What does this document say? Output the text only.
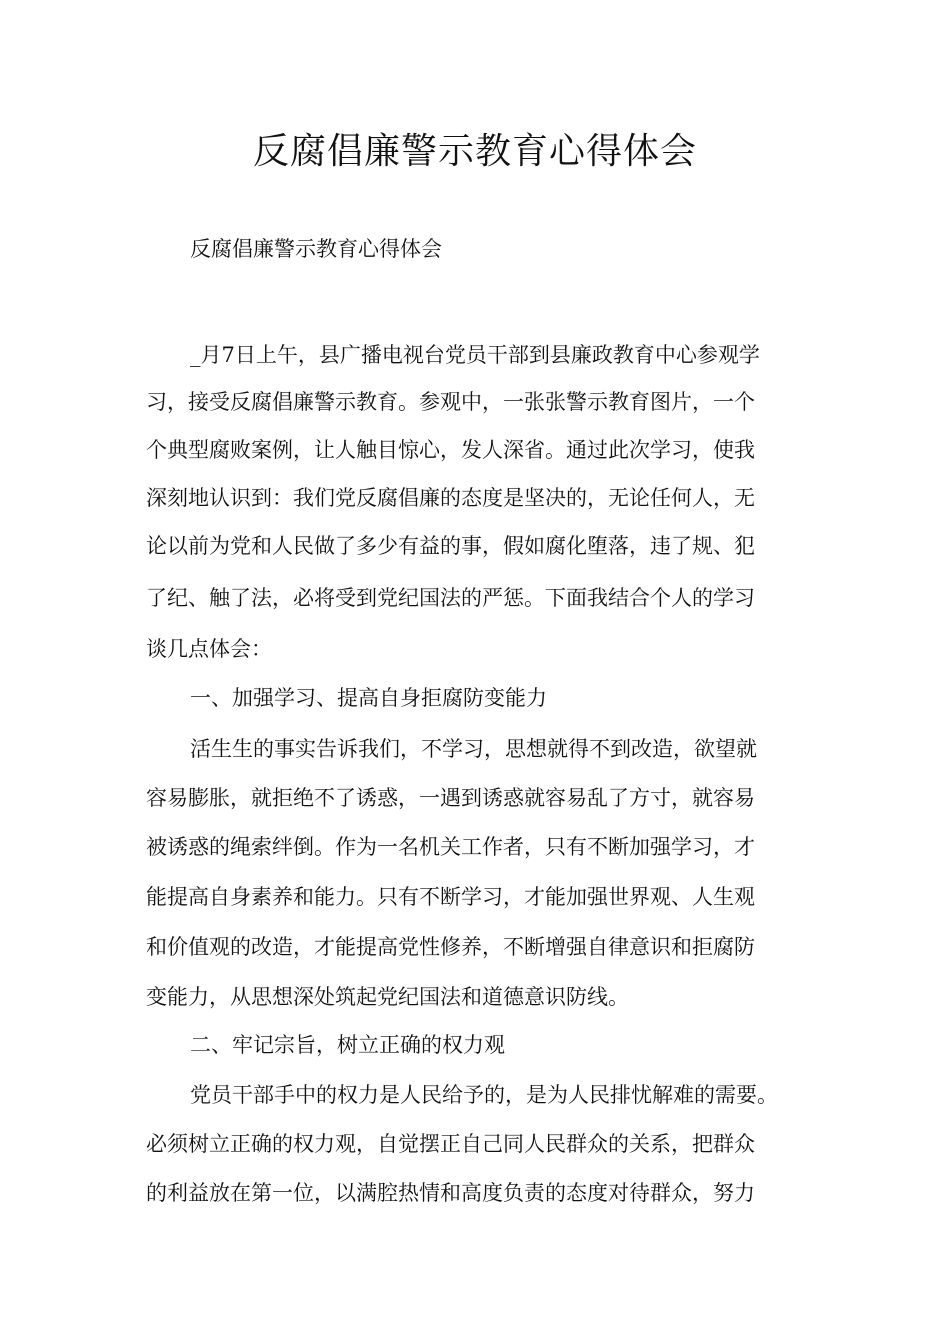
反腐倡廉警示教育心得体会

反腐倡廉警示教育心得体会

_月7日上午，县广播电视台党员干部到县廉政教育中心参观学

习，接受反腐倡廉警示教育。参观中，一张张警示教育图片，一个

个典型腐败案例，让人触目惊心，发人深省。通过此次学习，使我

深刻地认识到：我们党反腐倡廉的态度是坚决的，无论任何人，无

论以前为党和人民做了多少有益的事，假如腐化堕落，违了规、犯

了纪、触了法，必将受到党纪国法的严惩。下面我结合个人的学习

谈几点体会：

一、加强学习、提高自身拒腐防变能力

活生生的事实告诉我们，不学习，思想就得不到改造，欲望就

容易膨胀，就拒绝不了诱惑，一遇到诱惑就容易乱了方寸，就容易

被诱惑的绳索绊倒。作为一名机关工作者，只有不断加强学习，才

能提高自身素养和能力。只有不断学习，才能加强世界观、人生观

和价值观的改造，才能提高党性修养，不断增强自律意识和拒腐防

变能力，从思想深处筑起党纪国法和道德意识防线。

二、牢记宗旨，树立正确的权力观

党员干部手中的权力是人民给予的，是为人民排忧解难的需要。

必须树立正确的权力观，自觉摆正自己同人民群众的关系，把群众

的利益放在第一位，以满腔热情和高度负责的态度对待群众，努力
